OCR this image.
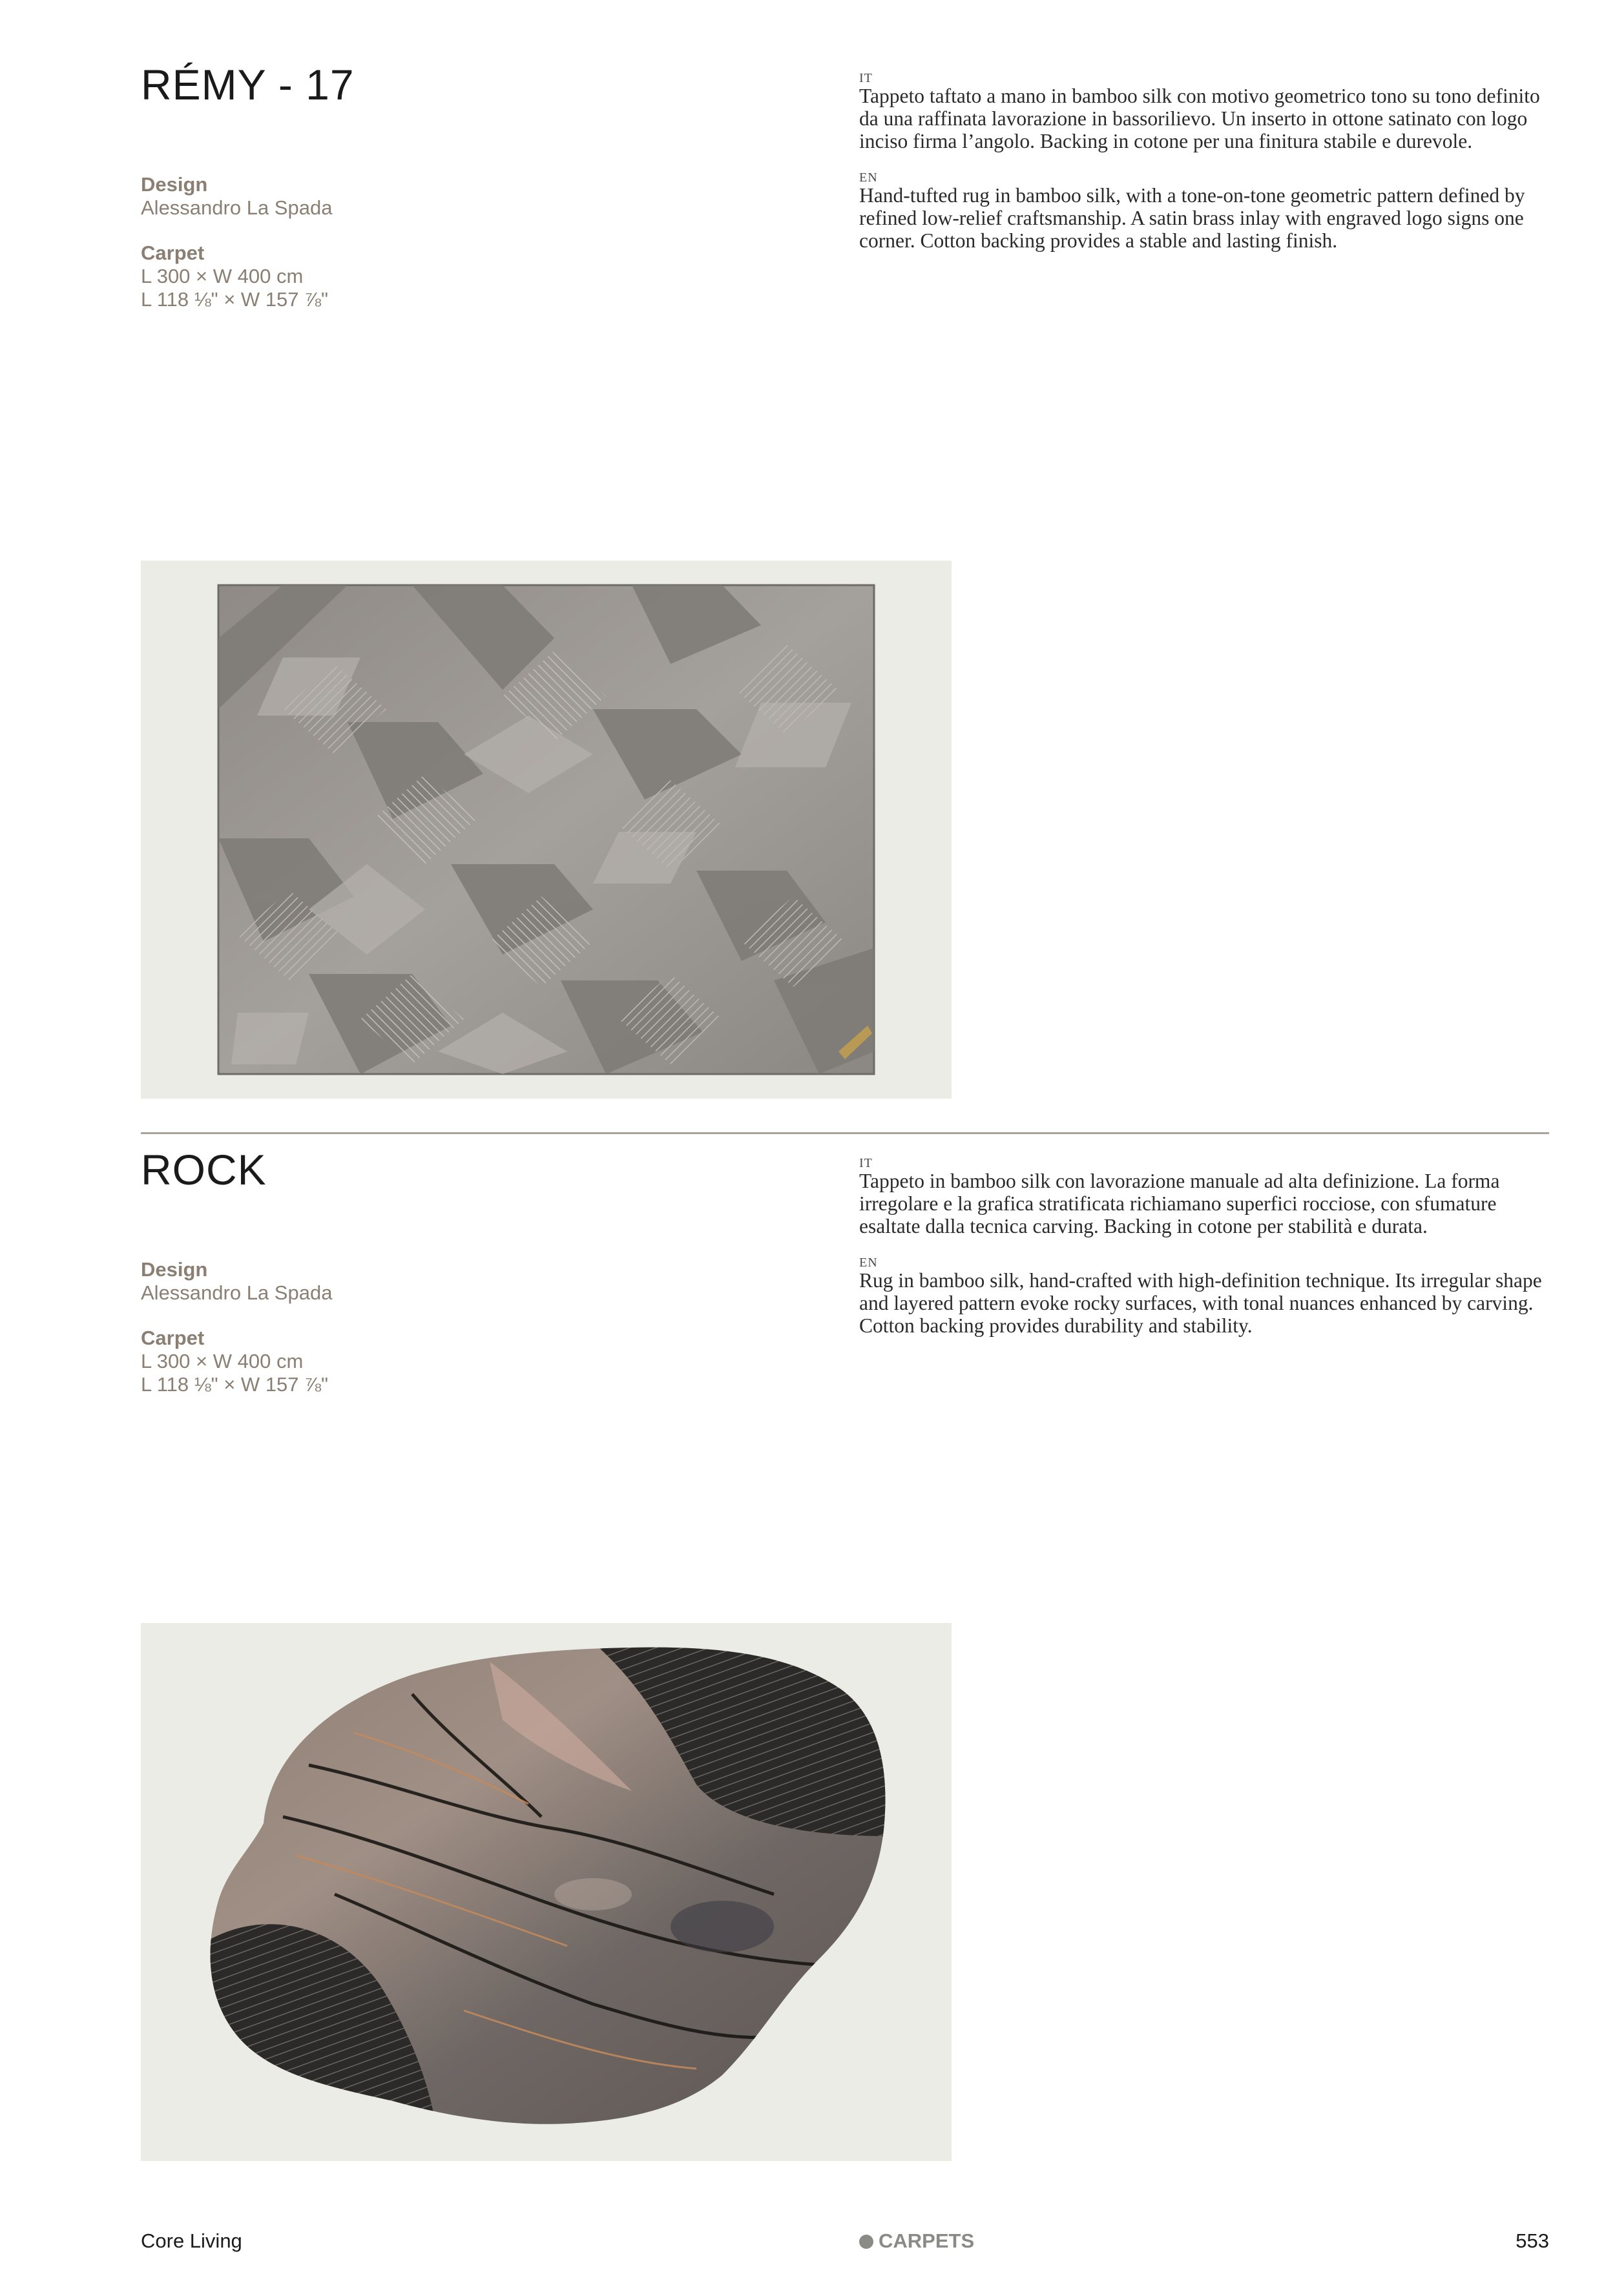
RÉMY - 17
Design
Alessandro La Spada
Carpet
L 300 × W 400 cm
L 118 ⅛" × W 157 ⅞"
IT
Tappeto taftato a mano in bamboo silk con motivo geometrico tono su tono definito da una raffinata lavorazione in bassorilievo. Un inserto in ottone satinato con logo inciso firma l’angolo. Backing in cotone per una finitura stabile e durevole.
EN
Hand-tufted rug in bamboo silk, with a tone-on-tone geometric pattern defined by refined low-relief craftsmanship. A satin brass inlay with engraved logo signs one corner. Cotton backing provides a stable and lasting finish.
ROCK
Design
Alessandro La Spada
Carpet
L 300 × W 400 cm
L 118 ⅛" × W 157 ⅞"
IT
Tappeto in bamboo silk con lavorazione manuale ad alta definizione. La forma irregolare e la grafica stratificata richiamano superfici rocciose, con sfumature esaltate dalla tecnica carving. Backing in cotone per stabilità e durata.
EN
Rug in bamboo silk, hand-crafted with high-definition technique. Its irregular shape and layered pattern evoke rocky surfaces, with tonal nuances enhanced by carving. Cotton backing provides durability and stability.
Core Living	CARPETS	553
